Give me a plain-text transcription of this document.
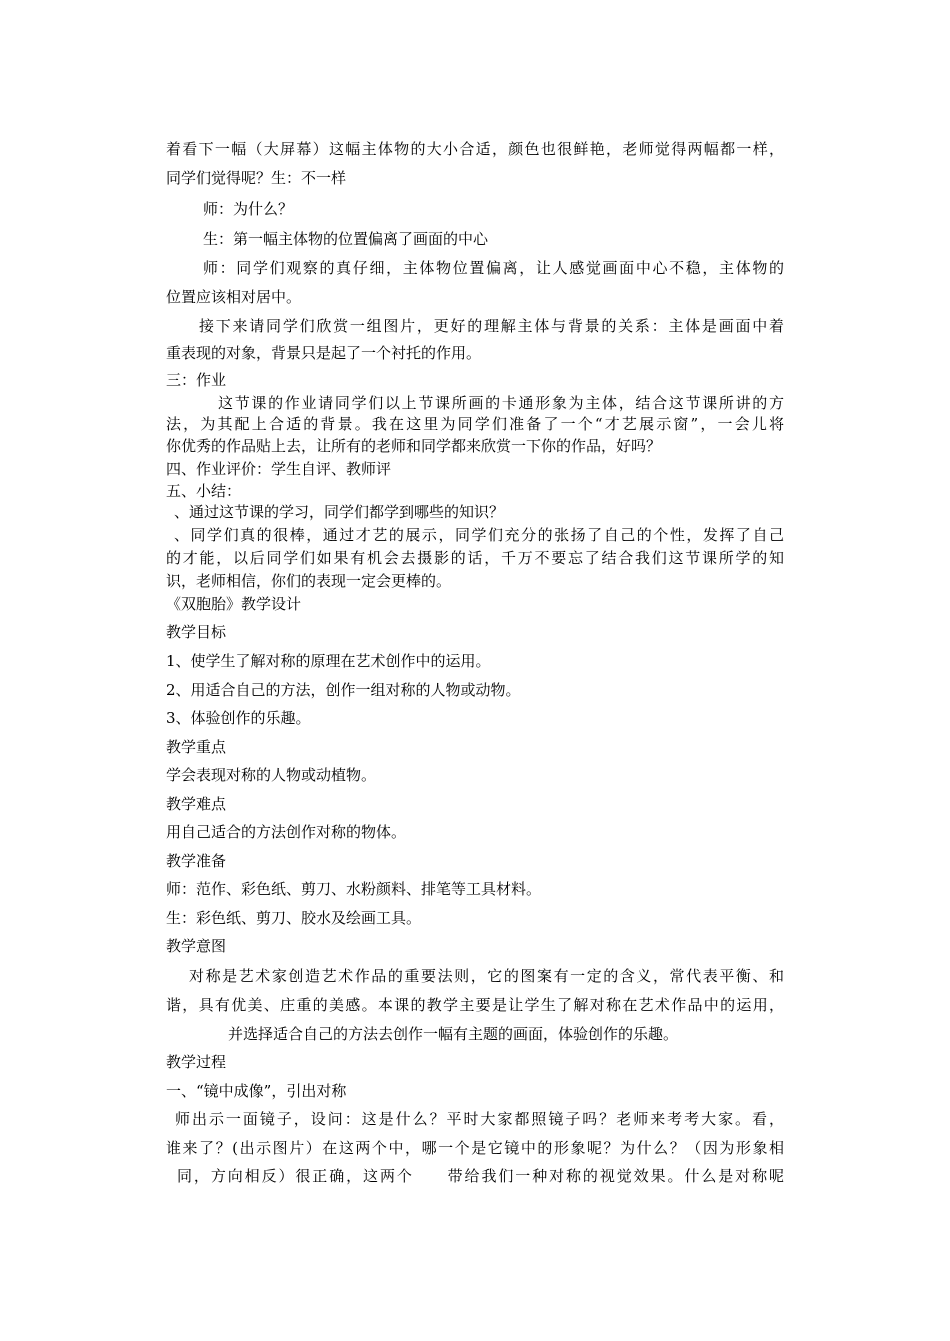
着看下一幅（大屏幕）这幅主体物的大小合适，颜色也很鲜艳，老师觉得两幅都一样，
同学们觉得呢？生：不一样
师：为什么？
生：第一幅主体物的位置偏离了画面的中心
师：同学们观察的真仔细，主体物位置偏离，让人感觉画面中心不稳，主体物的
位置应该相对居中。
接下来请同学们欣赏一组图片，更好的理解主体与背景的关系：主体是画面中着
重表现的对象，背景只是起了一个衬托的作用。
三：作业
这节课的作业请同学们以上节课所画的卡通形象为主体，结合这节课所讲的方
法，为其配上合适的背景。我在这里为同学们准备了一个“才艺展示窗”，一会儿将
你优秀的作品贴上去，让所有的老师和同学都来欣赏一下你的作品，好吗？
四、作业评价：学生自评、教师评
五、小结：
、通过这节课的学习，同学们都学到哪些的知识？
、同学们真的很棒，通过才艺的展示，同学们充分的张扬了自己的个性，发挥了自己
的才能，以后同学们如果有机会去摄影的话，千万不要忘了结合我们这节课所学的知
识，老师相信，你们的表现一定会更棒的。
《双胞胎》教学设计
教学目标
1、使学生了解对称的原理在艺术创作中的运用。
2、用适合自己的方法，创作一组对称的人物或动物。
3、体验创作的乐趣。
教学重点
学会表现对称的人物或动植物。
教学难点
用自己适合的方法创作对称的物体。
教学准备
师：范作、彩色纸、剪刀、水粉颜料、排笔等工具材料。
生：彩色纸、剪刀、胶水及绘画工具。
教学意图
对称是艺术家创造艺术作品的重要法则，它的图案有一定的含义，常代表平衡、和
谐，具有优美、庄重的美感。本课的教学主要是让学生了解对称在艺术作品中的运用，
并选择适合自己的方法去创作一幅有主题的画面，体验创作的乐趣。
教学过程
一、“镜中成像”，引出对称
师出示一面镜子，设问：这是什么？平时大家都照镜子吗？老师来考考大家。看，
谁来了？(出示图片）在这两个中，哪一个是它镜中的形象呢？为什么？（因为形象相
同，方向相反）很正确，这两个　　带给我们一种对称的视觉效果。什么是对称呢
